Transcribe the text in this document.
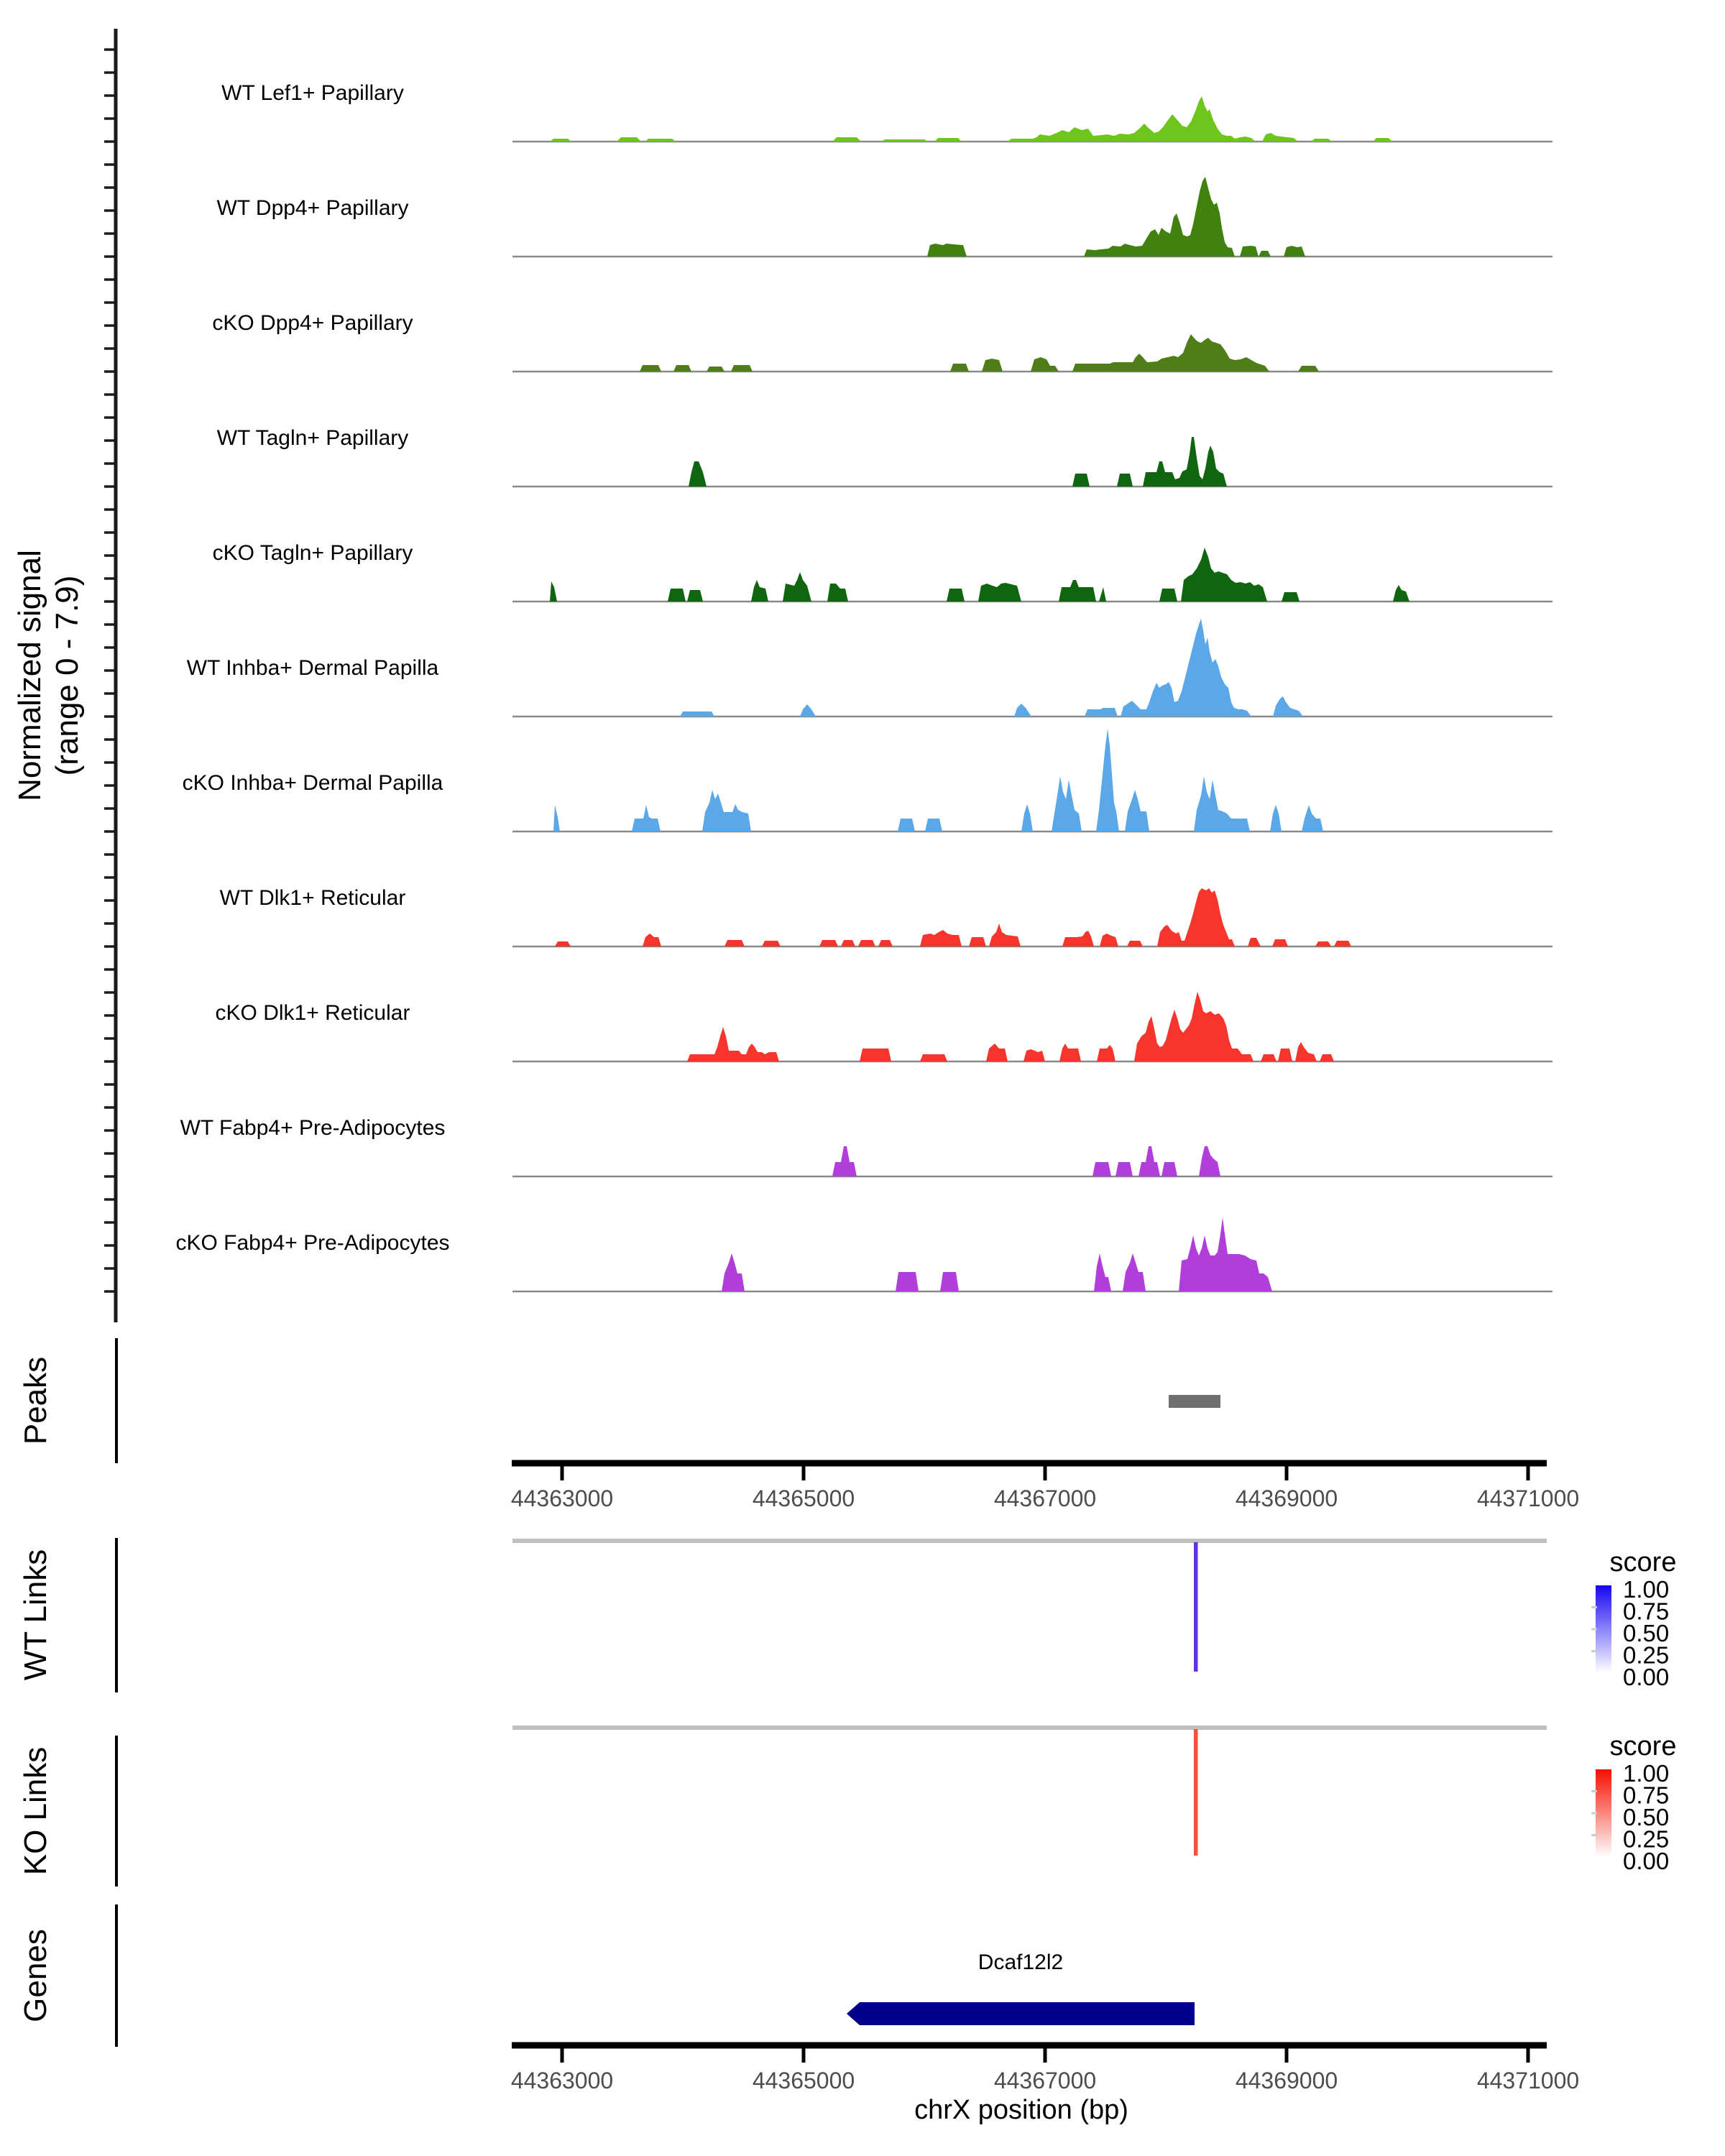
Normalized signal (range 0 - 7.9)
WT Lef1+ Papillary
WT Dpp4+ Papillary
cKO Dpp4+ Papillary
WT Tagln+ Papillary
cKO Tagln+ Papillary
WT Inhba+ Dermal Papilla
cKO Inhba+ Dermal Papilla
WT Dlk1+ Reticular
cKO Dlk1+ Reticular
WT Fabp4+ Pre-Adipocytes
cKO Fabp4+ Pre-Adipocytes
Peaks
44363000	44365000	44367000	44369000	44371000
WT Links	score
1.00
0.75
0.50
0.25
0.00
KO Links
score
1.00
0.75
0.50
0.25
0.00
Genes	Dcaf12l2
44363000	44365000	44367000	44369000	44371000
chrX position (bp)
